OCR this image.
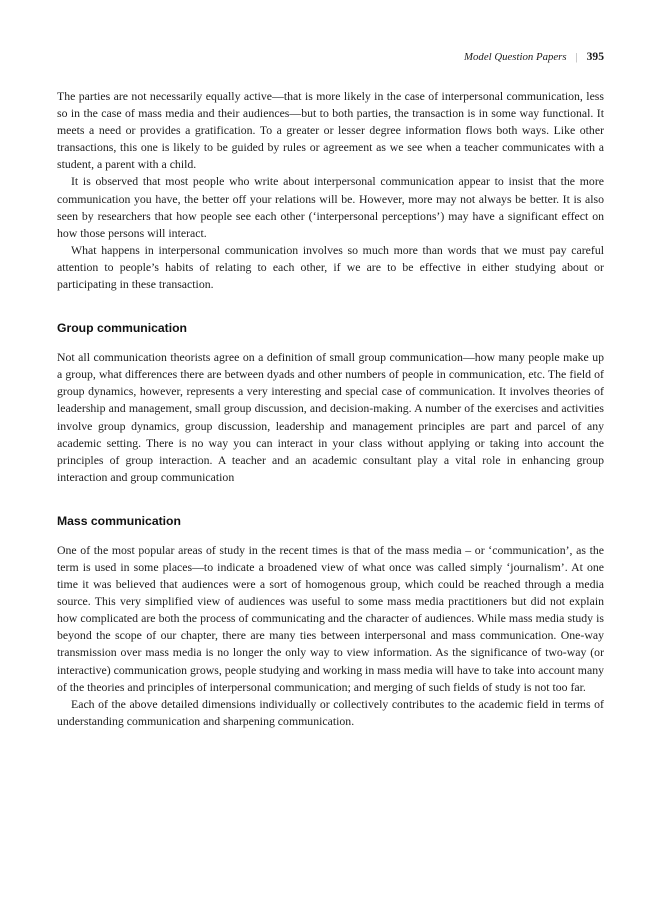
Model Question Papers | 395

The parties are not necessarily equally active—that is more likely in the case of interpersonal communication, less so in the case of mass media and their audiences—but to both parties, the transaction is in some way functional. It meets a need or provides a gratification. To a greater or lesser degree information flows both ways. Like other transactions, this one is likely to be guided by rules or agreement as we see when a teacher communicates with a student, a parent with a child.

It is observed that most people who write about interpersonal communication appear to insist that the more communication you have, the better off your relations will be. However, more may not always be better. It is also seen by researchers that how people see each other (‘interpersonal perceptions’) may have a significant effect on how those persons will interact.

What happens in interpersonal communication involves so much more than words that we must pay careful attention to people’s habits of relating to each other, if we are to be effective in either studying about or participating in these transaction.

Group communication

Not all communication theorists agree on a definition of small group communication—how many people make up a group, what differences there are between dyads and other numbers of people in communication, etc. The field of group dynamics, however, represents a very interesting and special case of communication. It involves theories of leadership and management, small group discussion, and decision-making. A number of the exercises and activities involve group dynamics, group discussion, leadership and management principles are part and parcel of any academic setting. There is no way you can interact in your class without applying or taking into account the principles of group interaction. A teacher and an academic consultant play a vital role in enhancing group interaction and group communication

Mass communication

One of the most popular areas of study in the recent times is that of the mass media – or ‘communication’, as the term is used in some places—to indicate a broadened view of what once was called simply ‘journalism’. At one time it was believed that audiences were a sort of homogenous group, which could be reached through a media source. This very simplified view of audiences was useful to some mass media practitioners but did not explain how complicated are both the process of communicating and the character of audiences. While mass media study is beyond the scope of our chapter, there are many ties between interpersonal and mass communication. One-way transmission over mass media is no longer the only way to view information. As the significance of two-way (or interactive) communication grows, people studying and working in mass media will have to take into account many of the theories and principles of interpersonal communication; and merging of such fields of study is not too far.

Each of the above detailed dimensions individually or collectively contributes to the academic field in terms of understanding communication and sharpening communication.
